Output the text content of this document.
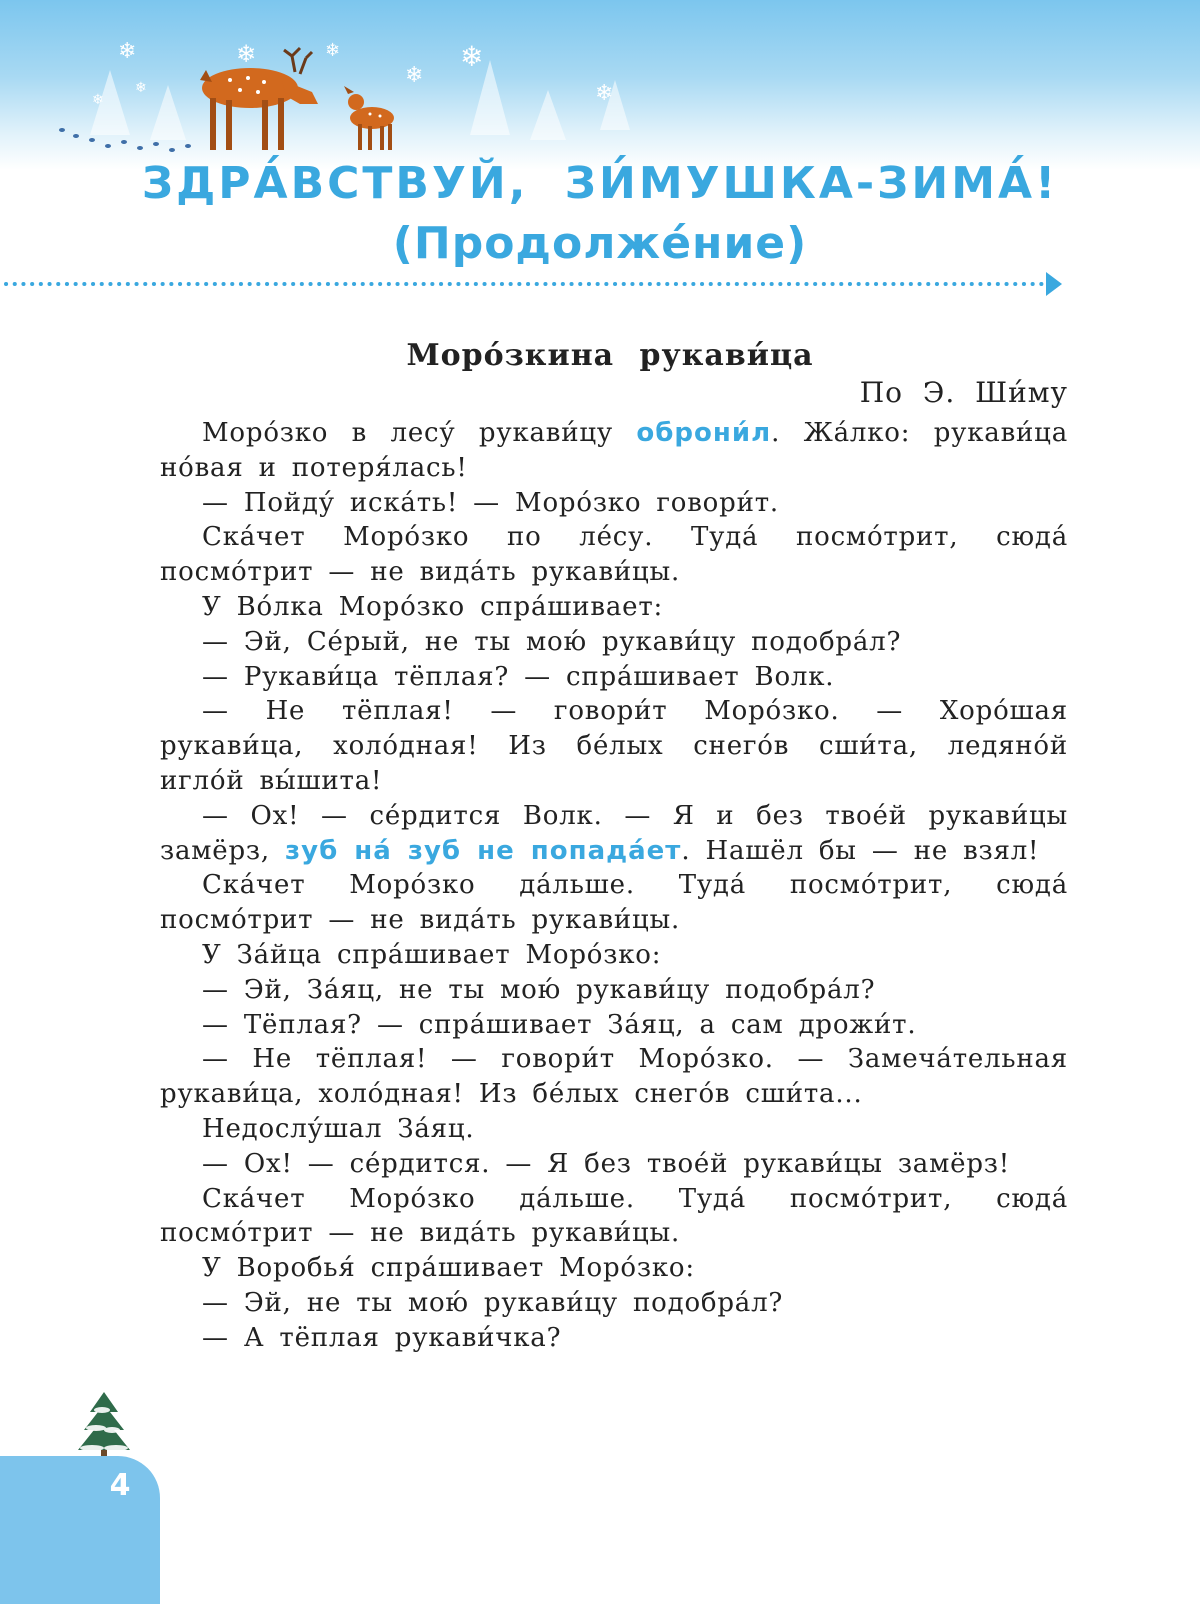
❄	❄	❄
❄
❄
❄
❄
❄
ЗДРА́ВСТВУЙ, ЗИ́МУШКА-ЗИМА́!
(Продолже́ние)
Моро́зкина рукави́ца
По Э. Ши́му

Моро́зко в лесу́ рукави́цу оброни́л. Жа́лко: рукави́ца но́вая и потеря́лась!

— Пойду́ иска́ть! — Моро́зко говори́т.

Ска́чет Моро́зко по ле́су. Туда́ посмо́трит, сюда́ посмо́трит — не вида́ть рукави́цы.

У Во́лка Моро́зко спра́шивает:

— Эй, Се́рый, не ты мою́ рукави́цу подобра́л?

— Рукави́ца тёплая? — спра́шивает Волк.

— Не тёплая! — говори́т Моро́зко. — Хоро́шая рукави́ца, холо́дная! Из бе́лых снего́в сши́та, ледяно́й игло́й вы́шита!

— Ох! — се́рдится Волк. — Я и без твое́й рукави́цы замёрз, зуб на́ зуб не попада́ет. Нашёл бы — не взял!

Ска́чет Моро́зко да́льше. Туда́ посмо́трит, сюда́ посмо́трит — не вида́ть рукави́цы.

У За́йца спра́шивает Моро́зко:

— Эй, За́яц, не ты мою́ рукави́цу подобра́л?

— Тёплая? — спра́шивает За́яц, а сам дрожи́т.

— Не тёплая! — говори́т Моро́зко. — Замеча́тельная рукави́ца, холо́дная! Из бе́лых снего́в сши́та...

Недослу́шал За́яц.

— Ох! — се́рдится. — Я без твое́й рукави́цы замёрз!

Ска́чет Моро́зко да́льше. Туда́ посмо́трит, сюда́ посмо́трит — не вида́ть рукави́цы.

У Воробья́ спра́шивает Моро́зко:

— Эй, не ты мою́ рукави́цу подобра́л?

— А тёплая рукави́чка?

4
